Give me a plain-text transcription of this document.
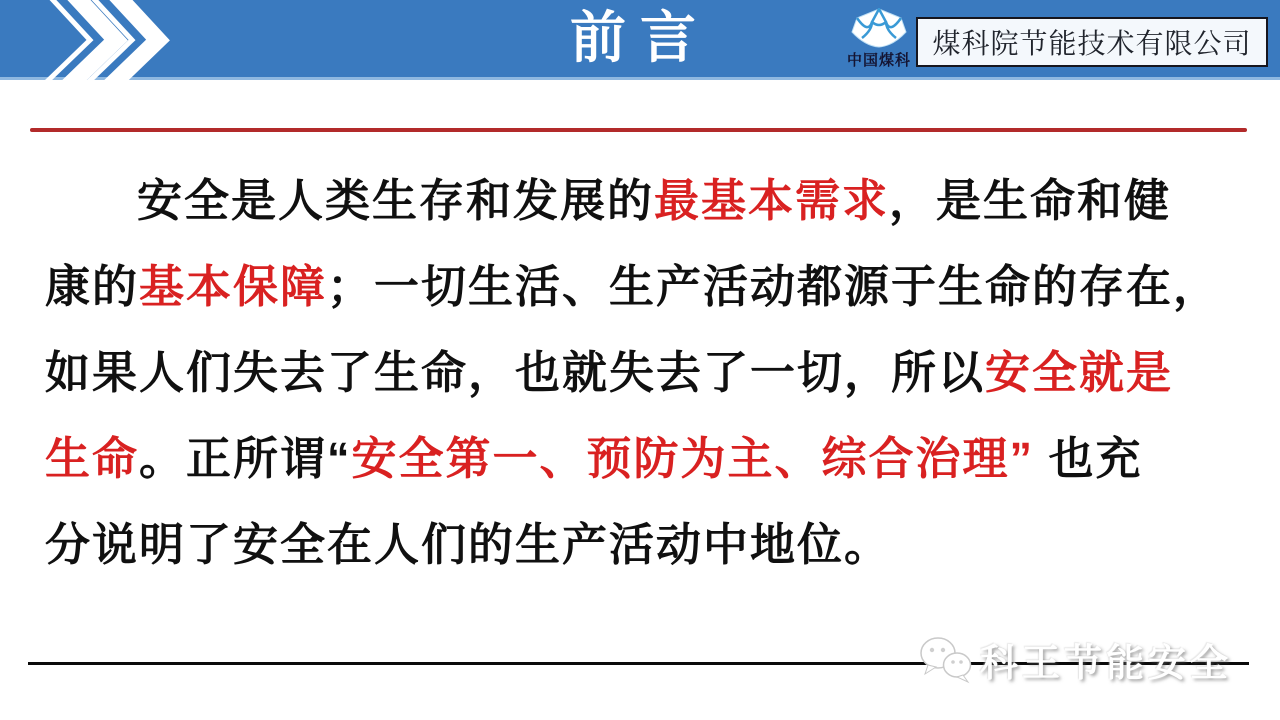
前言	中国煤科
煤科院节能技术有限公司
安全是人类生存和发展的最基本需求，是生命和健
康的基本保障；一切生活、生产活动都源于生命的存在，
如果人们失去了生命，也就失去了一切，所以安全就是
生命。正所谓“安全第一、预防为主、综合治理” 也充
分说明了安全在人们的生产活动中地位。
科王节能安全
